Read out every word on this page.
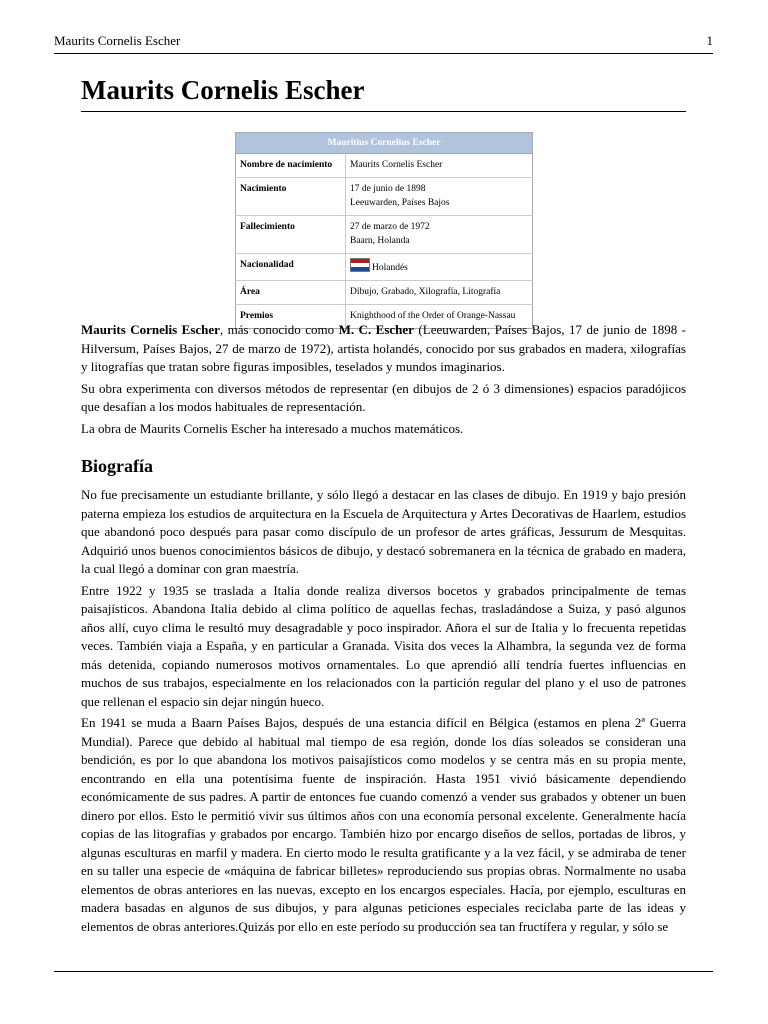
Maurits Cornelis Escher	1
Maurits Cornelis Escher
Mauritius Cornelius Escher	
Nombre de nacimiento	Maurits Cornelis Escher
Nacimiento	17 de junio de 1898
Leeuwarden, Países Bajos
Fallecimiento	27 de marzo de 1972
Baarn, Holanda
Nacionalidad	Holandés
Área	Dibujo, Grabado, Xilografía, Litografía
Premios	Knighthood of the Order of Orange-Nassau

Maurits Cornelis Escher, más conocido como M. C. Escher (Leeuwarden, Países Bajos, 17 de junio de 1898 - Hilversum, Países Bajos, 27 de marzo de 1972), artista holandés, conocido por sus grabados en madera, xilografías y litografías que tratan sobre figuras imposibles, teselados y mundos imaginarios.

Su obra experimenta con diversos métodos de representar (en dibujos de 2 ó 3 dimensiones) espacios paradójicos que desafían a los modos habituales de representación.

La obra de Maurits Cornelis Escher ha interesado a muchos matemáticos.

Biografía

No fue precisamente un estudiante brillante, y sólo llegó a destacar en las clases de dibujo. En 1919 y bajo presión paterna empieza los estudios de arquitectura en la Escuela de Arquitectura y Artes Decorativas de Haarlem, estudios que abandonó poco después para pasar como discípulo de un profesor de artes gráficas, Jessurum de Mesquitas. Adquirió unos buenos conocimientos básicos de dibujo, y destacó sobremanera en la técnica de grabado en madera, la cual llegó a dominar con gran maestría.

Entre 1922 y 1935 se traslada a Italia donde realiza diversos bocetos y grabados principalmente de temas paisajísticos. Abandona Italia debido al clima político de aquellas fechas, trasladándose a Suiza, y pasó algunos años allí, cuyo clima le resultó muy desagradable y poco inspirador. Añora el sur de Italia y lo frecuenta repetidas veces. También viaja a España, y en particular a Granada. Visita dos veces la Alhambra, la segunda vez de forma más detenida, copiando numerosos motivos ornamentales. Lo que aprendió allí tendría fuertes influencias en muchos de sus trabajos, especialmente en los relacionados con la partición regular del plano y el uso de patrones que rellenan el espacio sin dejar ningún hueco.

En 1941 se muda a Baarn Países Bajos, después de una estancia difícil en Bélgica (estamos en plena 2ª Guerra Mundial). Parece que debido al habitual mal tiempo de esa región, donde los días soleados se consideran una bendición, es por lo que abandona los motivos paisajísticos como modelos y se centra más en su propia mente, encontrando en ella una potentísima fuente de inspiración. Hasta 1951 vivió básicamente dependiendo económicamente de sus padres. A partir de entonces fue cuando comenzó a vender sus grabados y obtener un buen dinero por ellos. Esto le permitió vivir sus últimos años con una economía personal excelente. Generalmente hacía copias de las litografías y grabados por encargo. También hizo por encargo diseños de sellos, portadas de libros, y algunas esculturas en marfil y madera. En cierto modo le resulta gratificante y a la vez fácil, y se admiraba de tener en su taller una especie de «máquina de fabricar billetes» reproduciendo sus propias obras. Normalmente no usaba elementos de obras anteriores en las nuevas, excepto en los encargos especiales. Hacía, por ejemplo, esculturas en madera basadas en algunos de sus dibujos, y para algunas peticiones especiales reciclaba parte de las ideas y elementos de obras anteriores.Quizás por ello en este período su producción sea tan fructífera y regular, y sólo se
